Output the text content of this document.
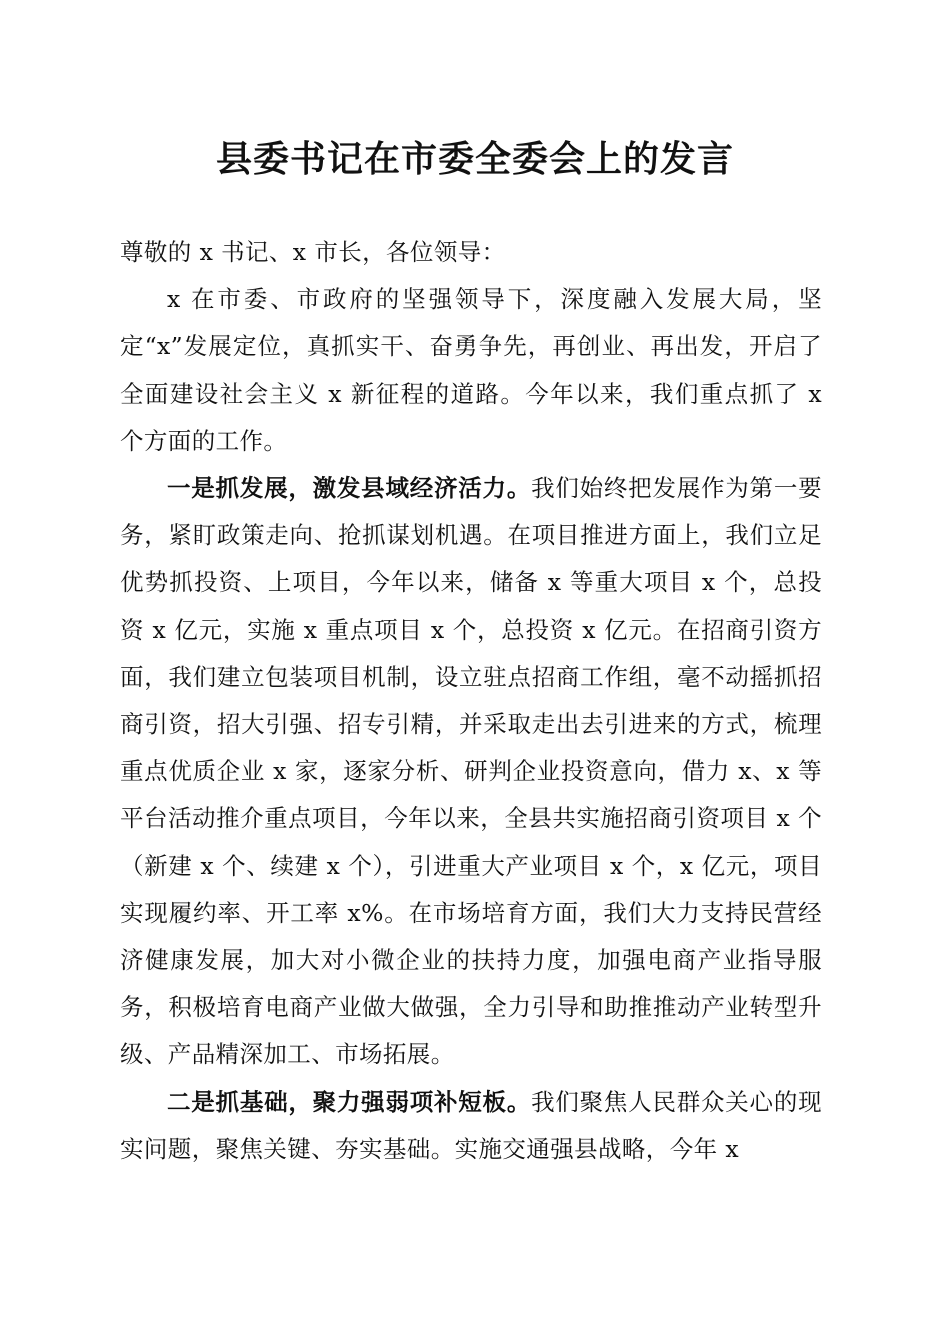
县委书记在市委全委会上的发言

尊敬的 x 书记、x 市长，各位领导：

x 在市委、市政府的坚强领导下，深度融入发展大局，坚定“x”发展定位，真抓实干、奋勇争先，再创业、再出发，开启了全面建设社会主义 x 新征程的道路。今年以来，我们重点抓了 x 个方面的工作。

一是抓发展，激发县域经济活力。我们始终把发展作为第一要务，紧盯政策走向、抢抓谋划机遇。在项目推进方面上，我们立足优势抓投资、上项目，今年以来，储备 x 等重大项目 x 个，总投资 x 亿元，实施 x 重点项目 x 个，总投资 x 亿元。在招商引资方面，我们建立包装项目机制，设立驻点招商工作组，毫不动摇抓招商引资，招大引强、招专引精，并采取走出去引进来的方式，梳理重点优质企业 x 家，逐家分析、研判企业投资意向，借力 x、x 等平台活动推介重点项目，今年以来，全县共实施招商引资项目 x 个（新建 x 个、续建 x 个），引进重大产业项目 x 个，x 亿元，项目实现履约率、开工率 x%。在市场培育方面，我们大力支持民营经济健康发展，加大对小微企业的扶持力度，加强电商产业指导服务，积极培育电商产业做大做强，全力引导和助推推动产业转型升级、产品精深加工、市场拓展。

二是抓基础，聚力强弱项补短板。我们聚焦人民群众关心的现实问题，聚焦关键、夯实基础。实施交通强县战略，今年 x
